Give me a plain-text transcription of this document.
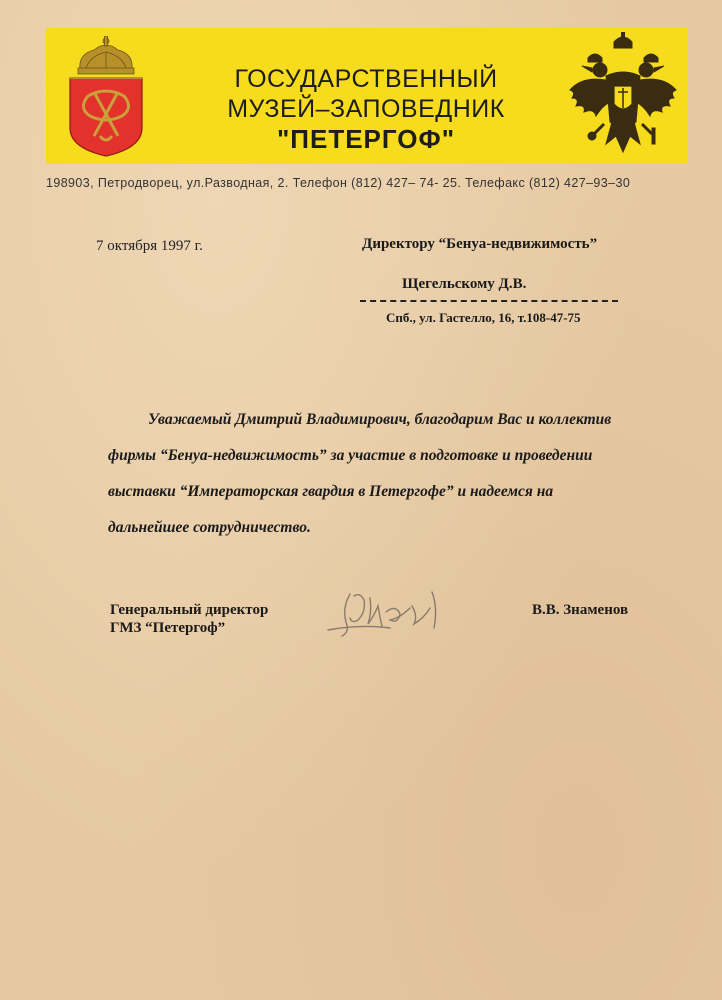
ГОСУДАРСТВЕННЫЙ
МУЗЕЙ–ЗАПОВЕДНИК
"ПЕТЕРГОФ"
198903, Петродворец, ул.Разводная, 2. Телефон (812) 427– 74- 25. Телефакс (812) 427–93–30
7 октября 1997 г.	Директору “Бенуа-недвижимость”
Щегельскому Д.В.
Спб., ул. Гастелло, 16, т.108-47-75
Уважаемый Дмитрий Владимирович, благодарим Вас и коллектив
фирмы “Бенуа-недвижимость” за участие в подготовке и проведении
выставки “Императорская гвардия в Петергофе” и надеемся на
дальнейшее сотрудничество.
Генеральный директор
ГМЗ “Петергоф”
В.В. Знаменов
